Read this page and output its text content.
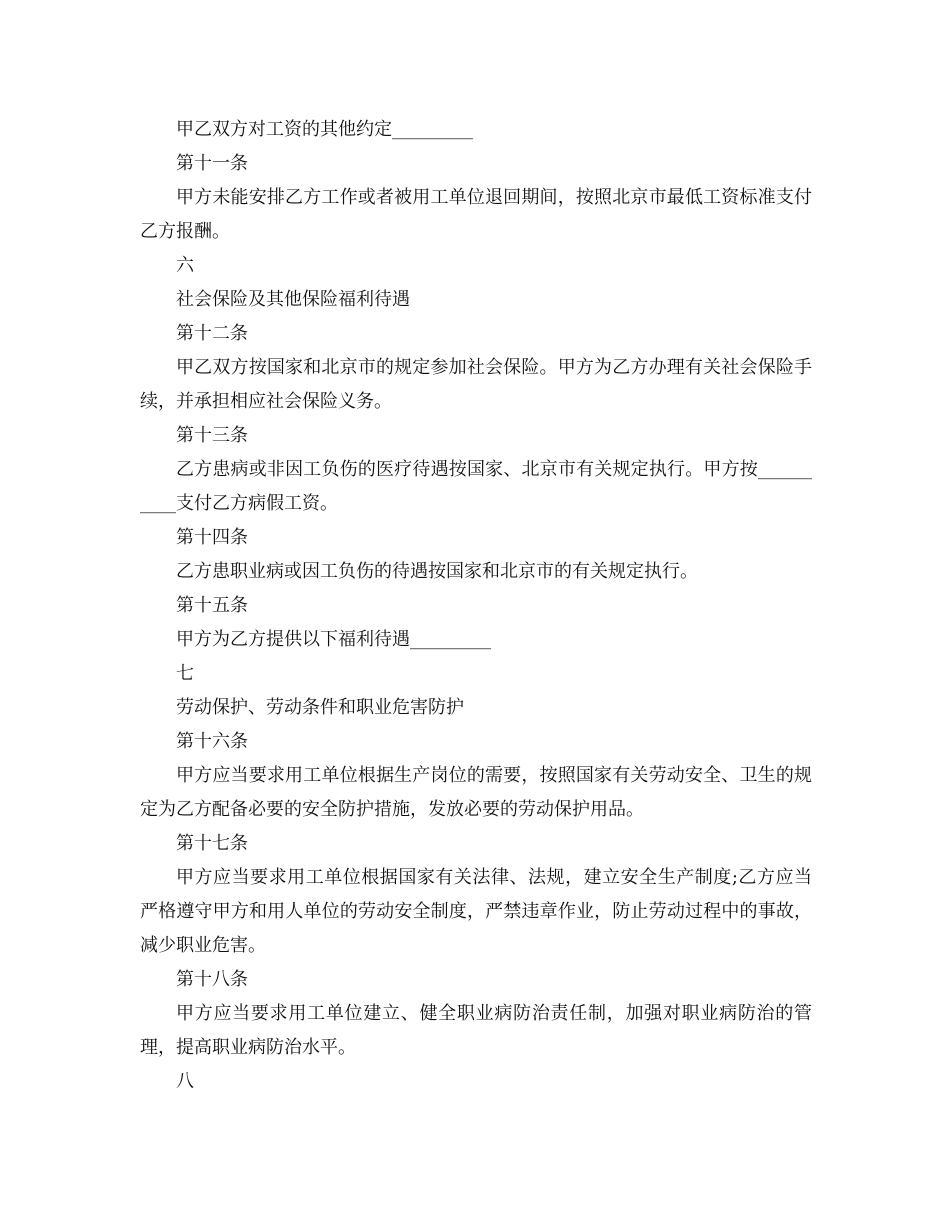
甲乙双方对工资的其他约定_________

第十一条

甲方未能安排乙方工作或者被用工单位退回期间，按照北京市最低工资标准支付乙方报酬。

六

社会保险及其他保险福利待遇

第十二条

甲乙双方按国家和北京市的规定参加社会保险。甲方为乙方办理有关社会保险手续，并承担相应社会保险义务。

第十三条

乙方患病或非因工负伤的医疗待遇按国家、北京市有关规定执行。甲方按__________支付乙方病假工资。

第十四条

乙方患职业病或因工负伤的待遇按国家和北京市的有关规定执行。

第十五条

甲方为乙方提供以下福利待遇_________

七

劳动保护、劳动条件和职业危害防护

第十六条

甲方应当要求用工单位根据生产岗位的需要，按照国家有关劳动安全、卫生的规定为乙方配备必要的安全防护措施，发放必要的劳动保护用品。

第十七条

甲方应当要求用工单位根据国家有关法律、法规，建立安全生产制度;乙方应当严格遵守甲方和用人单位的劳动安全制度，严禁违章作业，防止劳动过程中的事故，减少职业危害。

第十八条

甲方应当要求用工单位建立、健全职业病防治责任制，加强对职业病防治的管理，提高职业病防治水平。

八
